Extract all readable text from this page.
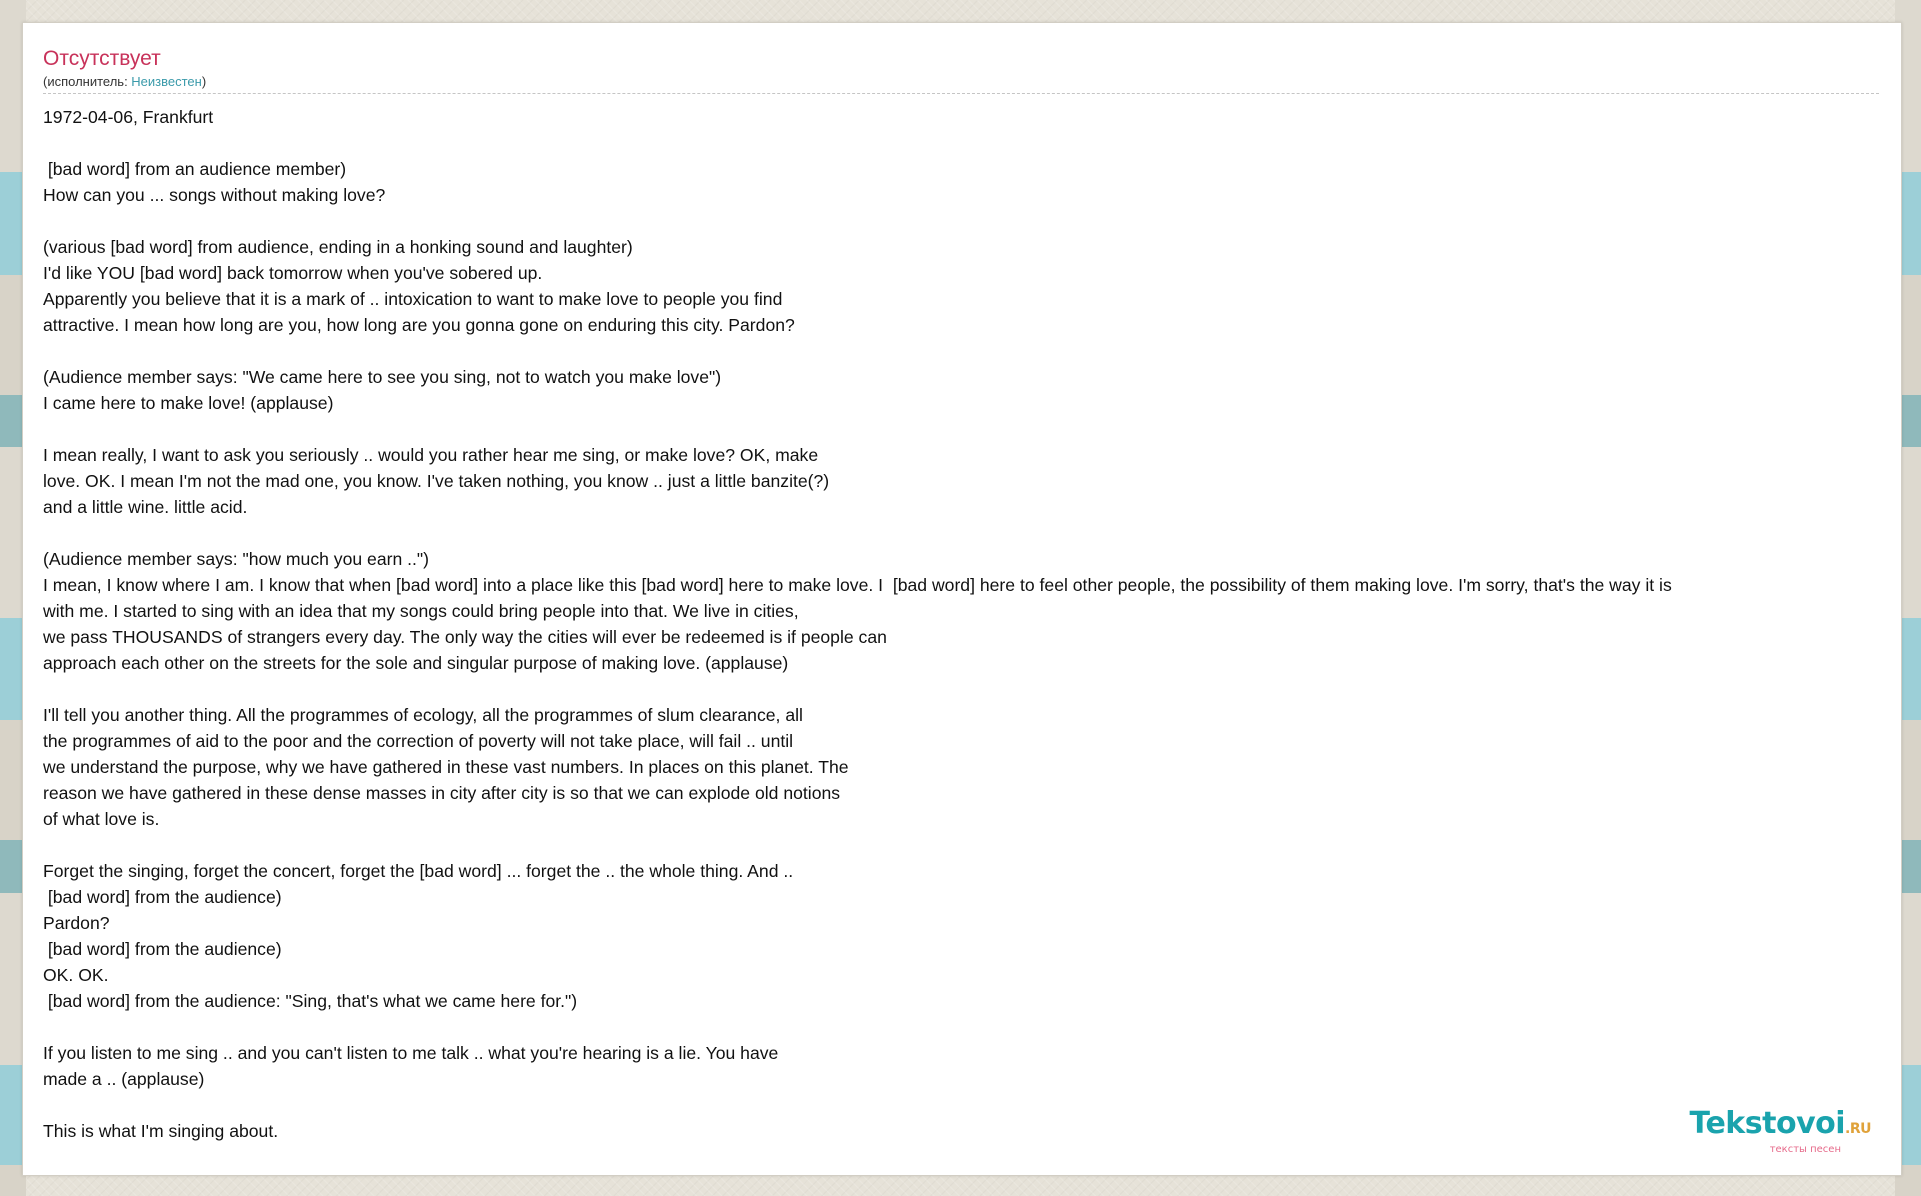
Отсутствует
(исполнитель: Неизвестен)
1972-04-06, Frankfurt

[bad word] from an audience member)
How can you ... songs without making love?

(various [bad word] from audience, ending in a honking sound and laughter)
I'd like YOU [bad word] back tomorrow when you've sobered up.
Apparently you believe that it is a mark of .. intoxication to want to make love to people you find
attractive. I mean how long are you, how long are you gonna gone on enduring this city. Pardon?

(Audience member says: "We came here to see you sing, not to watch you make love")
I came here to make love! (applause)

I mean really, I want to ask you seriously .. would you rather hear me sing, or make love? OK, make
love. OK. I mean I'm not the mad one, you know. I've taken nothing, you know .. just a little banzite(?)
and a little wine. little acid.

(Audience member says: "how much you earn ..")
I mean, I know where I am. I know that when [bad word] into a place like this [bad word] here to make love. I  [bad word] here to feel other people, the possibility of them making love. I'm sorry, that's the way it is
with me. I started to sing with an idea that my songs could bring people into that. We live in cities,
we pass THOUSANDS of strangers every day. The only way the cities will ever be redeemed is if people can
approach each other on the streets for the sole and singular purpose of making love. (applause)

I'll tell you another thing. All the programmes of ecology, all the programmes of slum clearance, all
the programmes of aid to the poor and the correction of poverty will not take place, will fail .. until
we understand the purpose, why we have gathered in these vast numbers. In places on this planet. The
reason we have gathered in these dense masses in city after city is so that we can explode old notions
of what love is.

Forget the singing, forget the concert, forget the [bad word] ... forget the .. the whole thing. And ..
[bad word] from the audience)
Pardon?
[bad word] from the audience)
OK. OK.
[bad word] from the audience: "Sing, that's what we came here for.")

If you listen to me sing .. and you can't listen to me talk .. what you're hearing is a lie. You have
made a .. (applause)

This is what I'm singing about.	Tekstovoi.RU
тексты песен
